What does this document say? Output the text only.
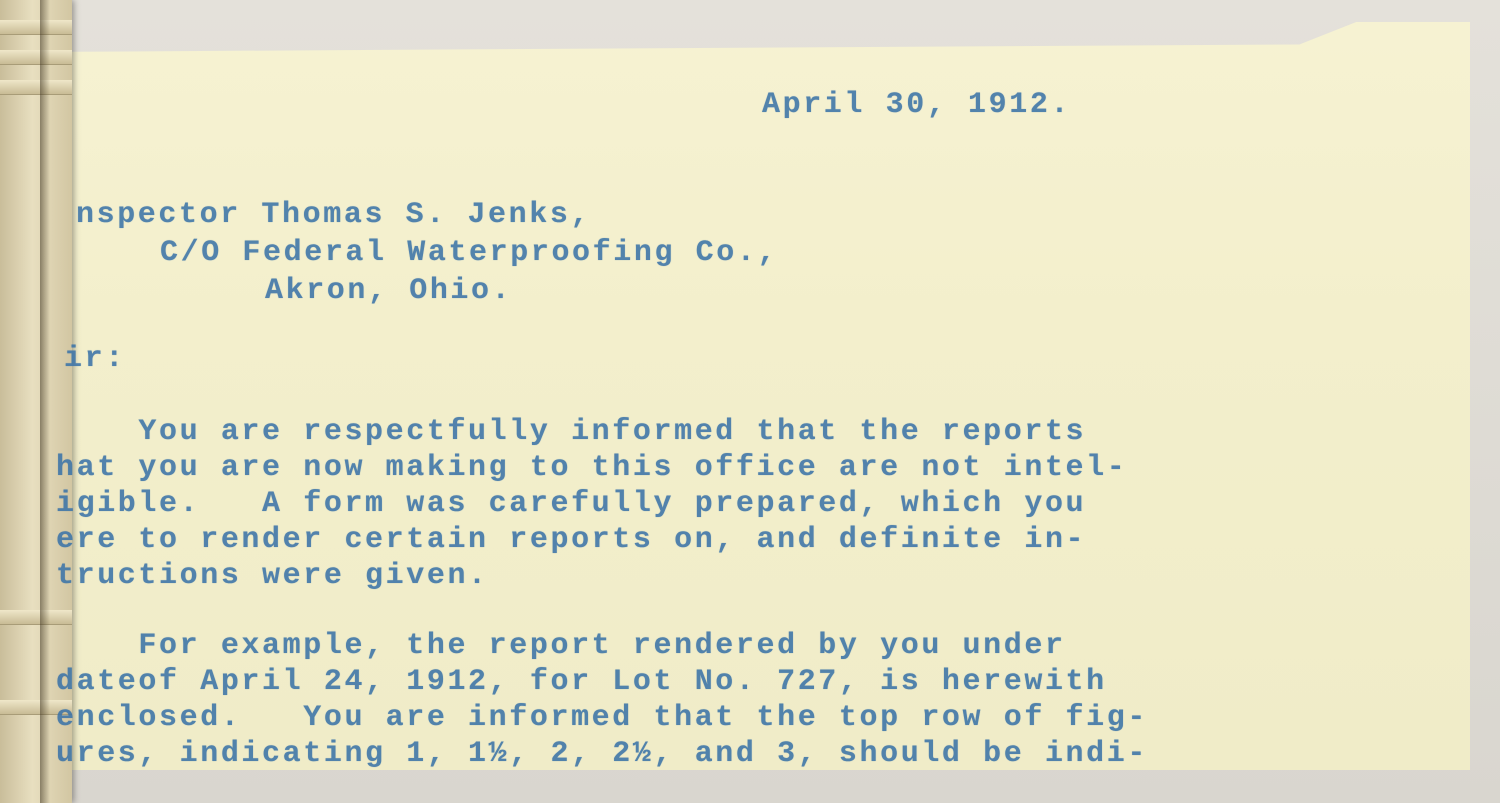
April 30, 1912.
nspector Thomas S. Jenks,
C/O Federal Waterproofing Co.,
Akron, Ohio.
ir:
You are respectfully informed that the reports
hat you are now making to this office are not intel-
igible.   A form was carefully prepared, which you
ere to render certain reports on, and definite in-
tructions were given.
For example, the report rendered by you under
dateof April 24, 1912, for Lot No. 727, is herewith
enclosed.   You are informed that the top row of fig-
ures, indicating 1, 1½, 2, 2½, and 3, should be indi-
